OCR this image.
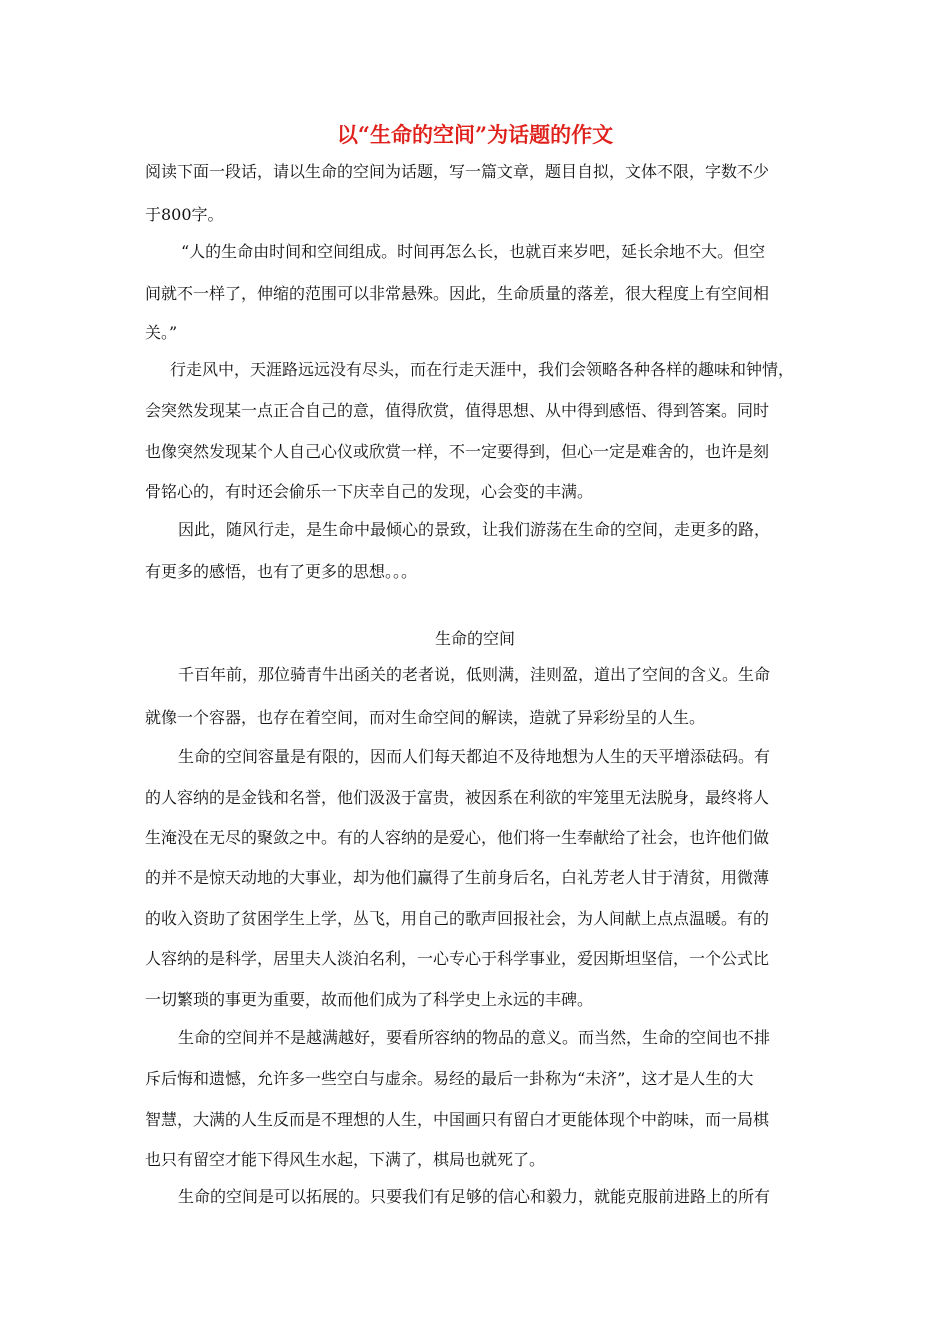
以“生命的空间”为话题的作文
阅读下面一段话，请以生命的空间为话题，写一篇文章，题目自拟，文体不限，字数不少
于800字。
“人的生命由时间和空间组成。时间再怎么长，也就百来岁吧，延长余地不大。但空
间就不一样了，伸缩的范围可以非常悬殊。因此，生命质量的落差，很大程度上有空间相
关。”
行走风中，天涯路远远没有尽头，而在行走天涯中，我们会领略各种各样的趣味和钟情，
会突然发现某一点正合自己的意，值得欣赏，值得思想、从中得到感悟、得到答案。同时
也像突然发现某个人自己心仪或欣赏一样，不一定要得到，但心一定是难舍的，也许是刻
骨铭心的，有时还会偷乐一下庆幸自己的发现，心会变的丰满。
因此，随风行走，是生命中最倾心的景致，让我们游荡在生命的空间，走更多的路，
有更多的感悟，也有了更多的思想。。。
生命的空间
千百年前，那位骑青牛出函关的老者说，低则满，洼则盈，道出了空间的含义。生命
就像一个容器，也存在着空间，而对生命空间的解读，造就了异彩纷呈的人生。
生命的空间容量是有限的，因而人们每天都迫不及待地想为人生的天平增添砝码。有
的人容纳的是金钱和名誉，他们汲汲于富贵，被因系在利欲的牢笼里无法脱身，最终将人
生淹没在无尽的聚敛之中。有的人容纳的是爱心，他们将一生奉献给了社会，也许他们做
的并不是惊天动地的大事业，却为他们赢得了生前身后名，白礼芳老人甘于清贫，用微薄
的收入资助了贫困学生上学，丛飞，用自己的歌声回报社会，为人间献上点点温暖。有的
人容纳的是科学，居里夫人淡泊名利，一心专心于科学事业，爱因斯坦坚信，一个公式比
一切繁琐的事更为重要，故而他们成为了科学史上永远的丰碑。
生命的空间并不是越满越好，要看所容纳的物品的意义。而当然，生命的空间也不排
斥后悔和遗憾，允许多一些空白与虚余。易经的最后一卦称为“未济”，这才是人生的大
智慧，大满的人生反而是不理想的人生，中国画只有留白才更能体现个中韵味，而一局棋
也只有留空才能下得风生水起，下满了，棋局也就死了。
生命的空间是可以拓展的。只要我们有足够的信心和毅力，就能克服前进路上的所有
